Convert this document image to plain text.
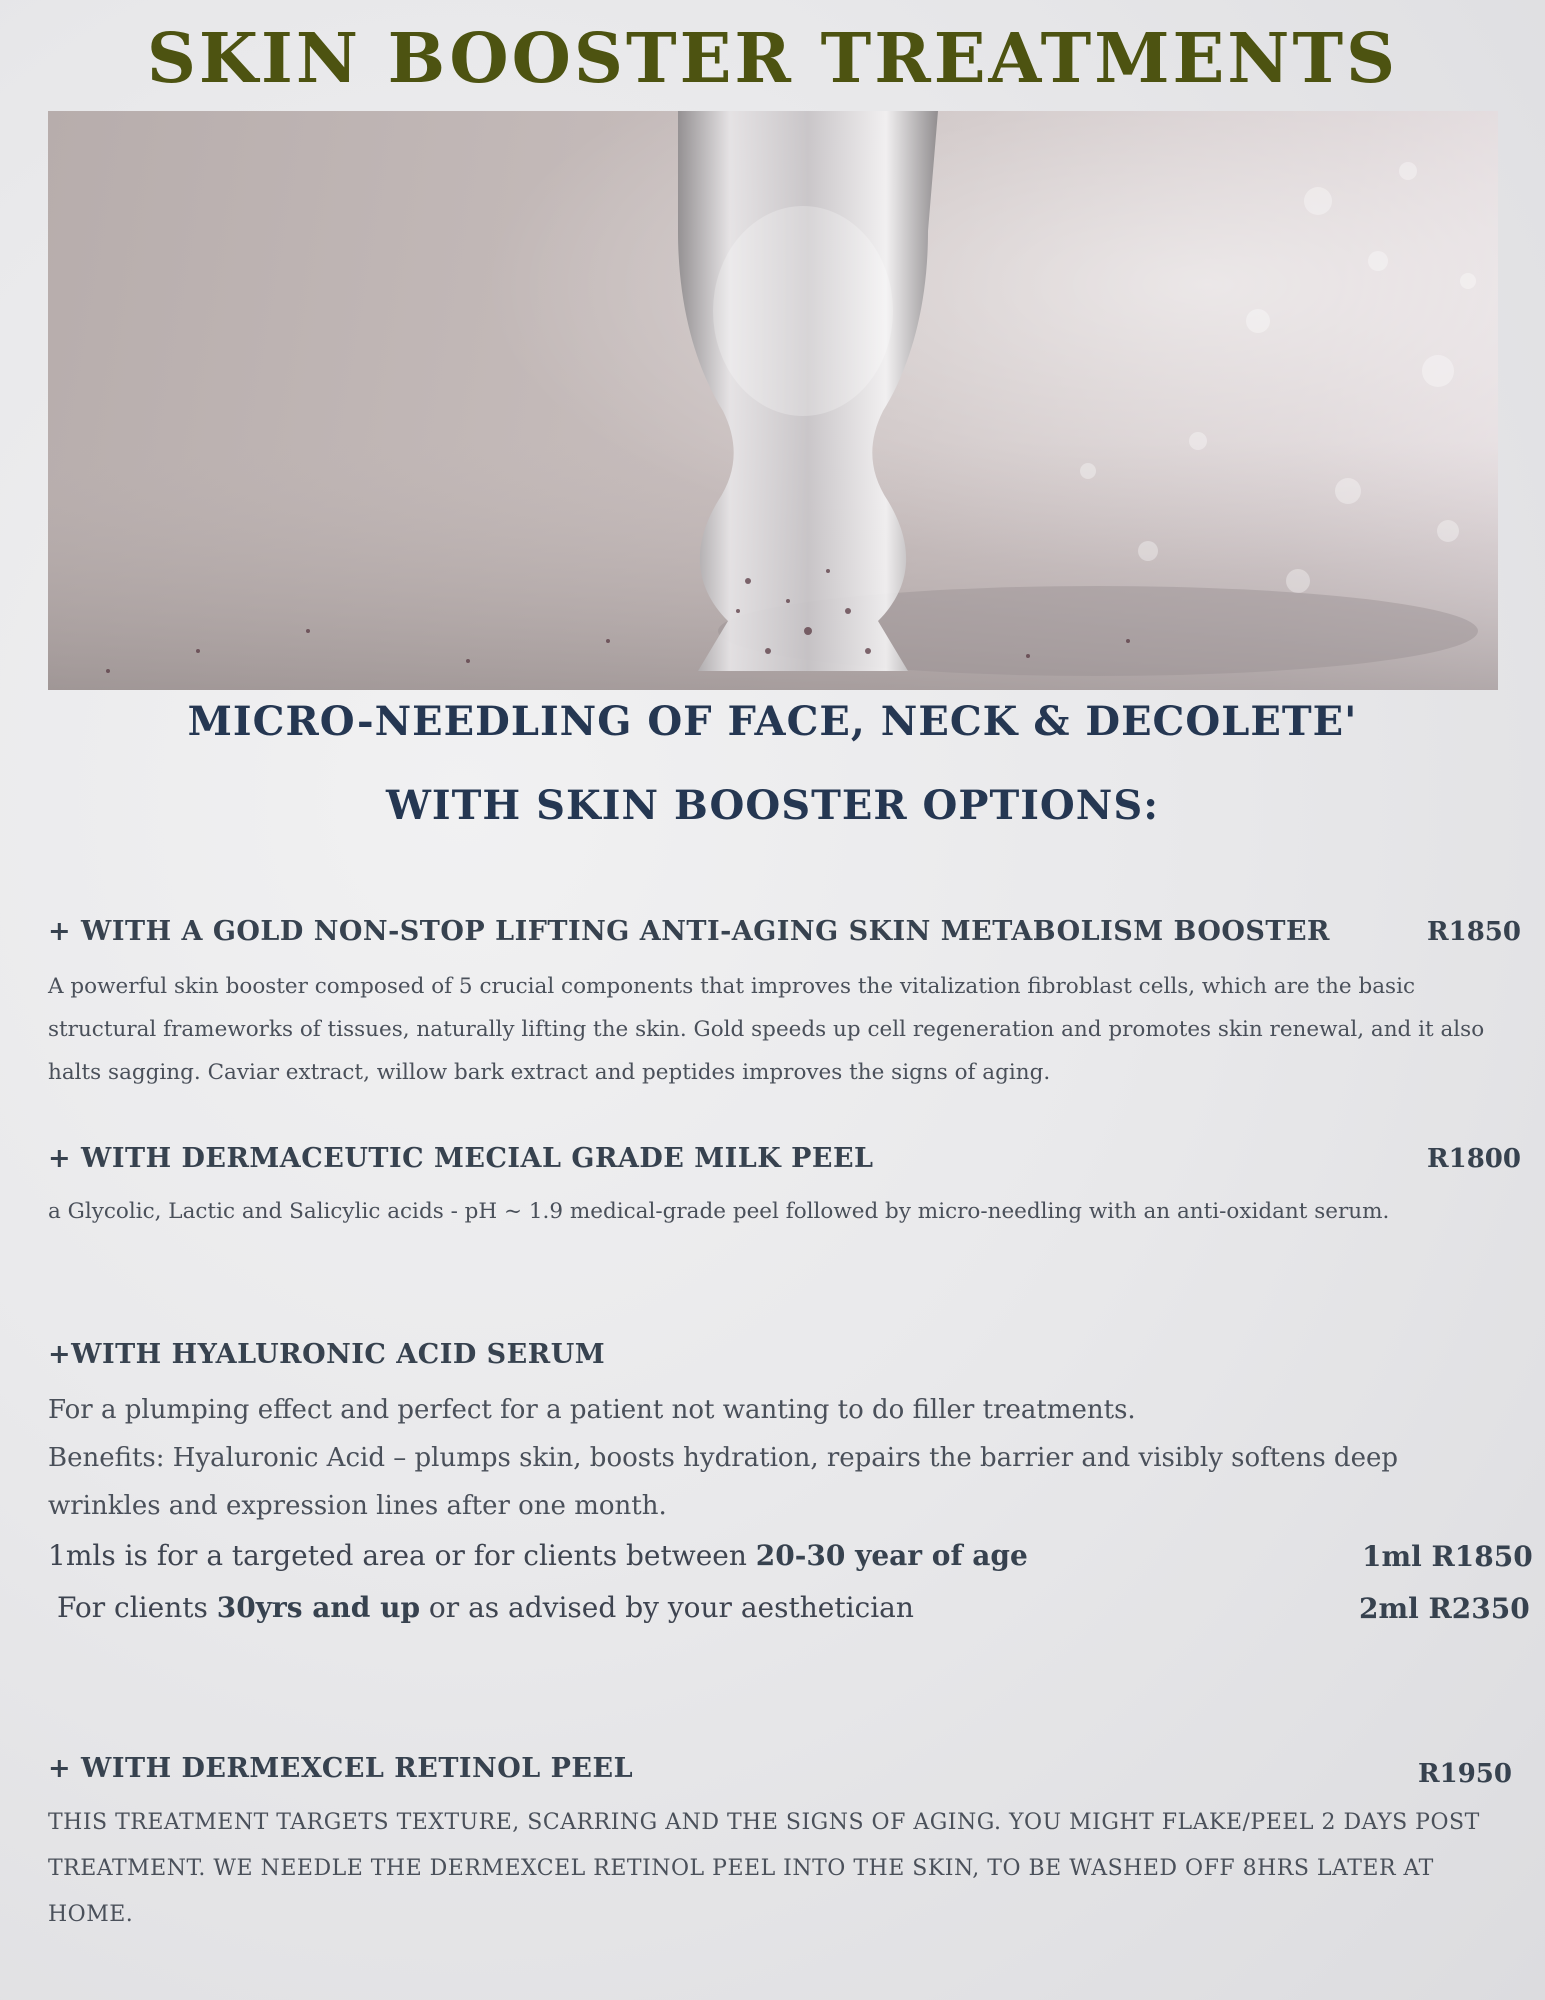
SKIN BOOSTER TREATMENTS
MICRO-NEEDLING OF FACE, NECK & DECOLETE'
WITH SKIN BOOSTER OPTIONS:
+ WITH A GOLD NON-STOP LIFTING ANTI-AGING SKIN METABOLISM BOOSTER	R1850
A powerful skin booster composed of 5 crucial components that improves the vitalization fibroblast cells, which are the basic structural frameworks of tissues, naturally lifting the skin. Gold speeds up cell regeneration and promotes skin renewal, and it also halts sagging. Caviar extract, willow bark extract and peptides improves the signs of aging.
+ WITH DERMACEUTIC MECIAL GRADE MILK PEEL	R1800
a Glycolic, Lactic and Salicylic acids - pH ~ 1.9 medical-grade peel followed by micro-needling with an anti-oxidant serum.
+WITH HYALURONIC ACID SERUM
For a plumping effect and perfect for a patient not wanting to do filler treatments.
Benefits: Hyaluronic Acid – plumps skin, boosts hydration, repairs the barrier and visibly softens deep wrinkles and expression lines after one month.
1mls is for a targeted area or for clients between 20-30 year of age	1ml R1850
For clients 30yrs and up or as advised by your aesthetician	2ml R2350
+ WITH DERMEXCEL RETINOL PEEL	R1950
THIS TREATMENT TARGETS TEXTURE, SCARRING AND THE SIGNS OF AGING. YOU MIGHT FLAKE/PEEL 2 DAYS POST TREATMENT. WE NEEDLE THE DERMEXCEL RETINOL PEEL INTO THE SKIN, TO BE WASHED OFF 8HRS LATER AT HOME.
